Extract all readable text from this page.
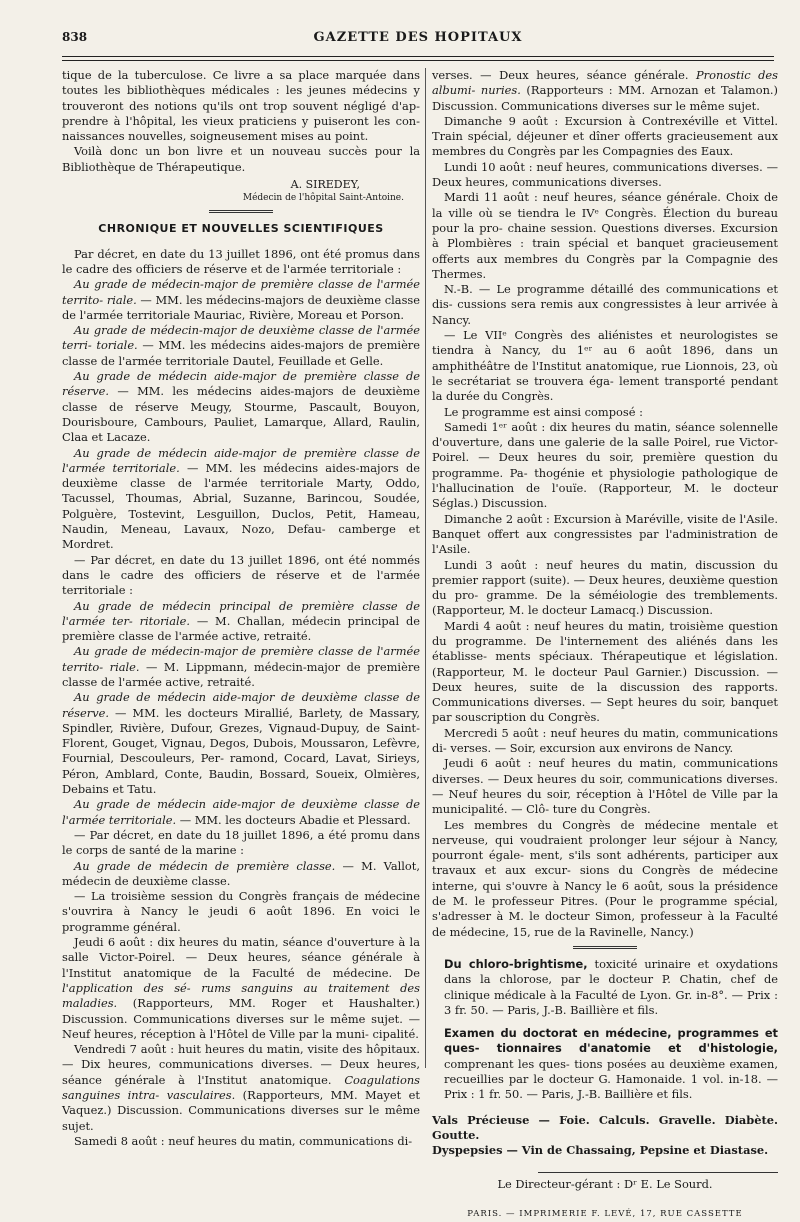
838	GAZETTE DES HOPITAUX

tique de la tuberculose. Ce livre a sa place marquée dans toutes les bibliothèques médicales : les jeunes médecins y trouveront des notions qu'ils ont trop souvent négligé d'ap- prendre à l'hôpital, les vieux praticiens y puiseront les con- naissances nouvelles, soigneusement mises au point.

Voilà donc un bon livre et un nouveau succès pour la Bibliothèque de Thérapeutique.

A. SIREDEY,
Médecin de l'hôpital Saint-Antoine.
CHRONIQUE ET NOUVELLES SCIENTIFIQUES

Par décret, en date du 13 juillet 1896, ont été promus dans le cadre des officiers de réserve et de l'armée territoriale :

Au grade de médecin-major de première classe de l'armée territo- riale. — MM. les médecins-majors de deuxième classe de l'armée territoriale Mauriac, Rivière, Moreau et Porson.

Au grade de médecin-major de deuxième classe de l'armée terri- toriale. — MM. les médecins aides-majors de première classe de l'armée territoriale Dautel, Feuillade et Gelle.

Au grade de médecin aide-major de première classe de réserve. — MM. les médecins aides-majors de deuxième classe de réserve Meugy, Stourme, Pascault, Bouyon, Dourisboure, Cambours, Pauliet, Lamarque, Allard, Raulin, Claa et Lacaze.

Au grade de médecin aide-major de première classe de l'armée territoriale. — MM. les médecins aides-majors de deuxième classe de l'armée territoriale Marty, Oddo, Tacussel, Thoumas, Abrial, Suzanne, Barincou, Soudée, Polguère, Tostevint, Lesguillon, Duclos, Petit, Hameau, Naudin, Meneau, Lavaux, Nozo, Defau- camberge et Mordret.

— Par décret, en date du 13 juillet 1896, ont été nommés dans le cadre des officiers de réserve et de l'armée territoriale :

Au grade de médecin principal de première classe de l'armée ter- ritoriale. — M. Challan, médecin principal de première classe de l'armée active, retraité.

Au grade de médecin-major de première classe de l'armée territo- riale. — M. Lippmann, médecin-major de première classe de l'armée active, retraité.

Au grade de médecin aide-major de deuxième classe de réserve. — MM. les docteurs Mirallié, Barlety, de Massary, Spindler, Rivière, Dufour, Grezes, Vignaud-Dupuy, de Saint-Florent, Gouget, Vignau, Degos, Dubois, Moussaron, Lefèvre, Fournial, Descouleurs, Per- ramond, Cocard, Lavat, Sirieys, Péron, Amblard, Conte, Baudin, Bossard, Soueix, Olmières, Debains et Tatu.

Au grade de médecin aide-major de deuxième classe de l'armée territoriale. — MM. les docteurs Abadie et Plessard.

— Par décret, en date du 18 juillet 1896, a été promu dans le corps de santé de la marine :

Au grade de médecin de première classe. — M. Vallot, médecin de deuxième classe.

— La troisième session du Congrès français de médecine s'ouvrira à Nancy le jeudi 6 août 1896. En voici le programme général.

Jeudi 6 août : dix heures du matin, séance d'ouverture à la salle Victor-Poirel. — Deux heures, séance générale à l'Institut anatomique de la Faculté de médecine. De l'application des sé- rums sanguins au traitement des maladies. (Rapporteurs, MM. Roger et Haushalter.) Discussion. Communications diverses sur le même sujet. — Neuf heures, réception à l'Hôtel de Ville par la muni- cipalité.

Vendredi 7 août : huit heures du matin, visite des hôpitaux. — Dix heures, communications diverses. — Deux heures, séance générale à l'Institut anatomique. Coagulations sanguines intra- vasculaires. (Rapporteurs, MM. Mayet et Vaquez.) Discussion. Communications diverses sur le même sujet.

Samedi 8 août : neuf heures du matin, communications di-

verses. — Deux heures, séance générale. Pronostic des albumi- nuries. (Rapporteurs : MM. Arnozan et Talamon.) Discussion. Communications diverses sur le même sujet.

Dimanche 9 août : Excursion à Contrexéville et Vittel. Train spécial, déjeuner et dîner offerts gracieusement aux membres du Congrès par les Compagnies des Eaux.

Lundi 10 août : neuf heures, communications diverses. — Deux heures, communications diverses.

Mardi 11 août : neuf heures, séance générale. Choix de la ville où se tiendra le IVᵉ Congrès. Élection du bureau pour la pro- chaine session. Questions diverses. Excursion à Plombières : train spécial et banquet gracieusement offerts aux membres du Congrès par la Compagnie des Thermes.

N.-B. — Le programme détaillé des communications et dis- cussions sera remis aux congressistes à leur arrivée à Nancy.

— Le VIIᵉ Congrès des aliénistes et neurologistes se tiendra à Nancy, du 1ᵉʳ au 6 août 1896, dans un amphithéâtre de l'Institut anatomique, rue Lionnois, 23, où le secrétariat se trouvera éga- lement transporté pendant la durée du Congrès.

Le programme est ainsi composé :

Samedi 1ᵉʳ août : dix heures du matin, séance solennelle d'ouverture, dans une galerie de la salle Poirel, rue Victor-Poirel. — Deux heures du soir, première question du programme. Pa- thogénie et physiologie pathologique de l'hallucination de l'ouïe. (Rapporteur, M. le docteur Séglas.) Discussion.

Dimanche 2 août : Excursion à Maréville, visite de l'Asile. Banquet offert aux congressistes par l'administration de l'Asile.

Lundi 3 août : neuf heures du matin, discussion du premier rapport (suite). — Deux heures, deuxième question du pro- gramme. De la séméiologie des tremblements. (Rapporteur, M. le docteur Lamacq.) Discussion.

Mardi 4 août : neuf heures du matin, troisième question du programme. De l'internement des aliénés dans les établisse- ments spéciaux. Thérapeutique et législation. (Rapporteur, M. le docteur Paul Garnier.) Discussion. — Deux heures, suite de la discussion des rapports. Communications diverses. — Sept heures du soir, banquet par souscription du Congrès.

Mercredi 5 août : neuf heures du matin, communications di- verses. — Soir, excursion aux environs de Nancy.

Jeudi 6 août : neuf heures du matin, communications diverses. — Deux heures du soir, communications diverses. — Neuf heures du soir, réception à l'Hôtel de Ville par la municipalité. — Clô- ture du Congrès.

Les membres du Congrès de médecine mentale et nerveuse, qui voudraient prolonger leur séjour à Nancy, pourront égale- ment, s'ils sont adhérents, participer aux travaux et aux excur- sions du Congrès de médecine interne, qui s'ouvre à Nancy le 6 août, sous la présidence de M. le professeur Pitres. (Pour le programme spécial, s'adresser à M. le docteur Simon, professeur à la Faculté de médecine, 15, rue de la Ravinelle, Nancy.)

Du chloro-brightisme, toxicité urinaire et oxydations dans la chlorose, par le docteur P. Chatin, chef de clinique médicale à la Faculté de Lyon. Gr. in-8°. — Prix : 3 fr. 50. — Paris, J.-B. Baillière et fils.

Examen du doctorat en médecine, programmes et ques- tionnaires d'anatomie et d'histologie, comprenant les ques- tions posées au deuxième examen, recueillies par le docteur G. Hamonaide. 1 vol. in-18. — Prix : 1 fr. 50. — Paris, J.-B. Baillière et fils.

Vals Précieuse — Foie. Calculs. Gravelle. Diabète. Goutte.

Dyspepsies — Vin de Chassaing, Pepsine et Diastase.

Le Directeur-gérant : Dʳ E. Le Sourd.
PARIS. — IMPRIMERIE F. LEVÉ, 17, RUE CASSETTE
